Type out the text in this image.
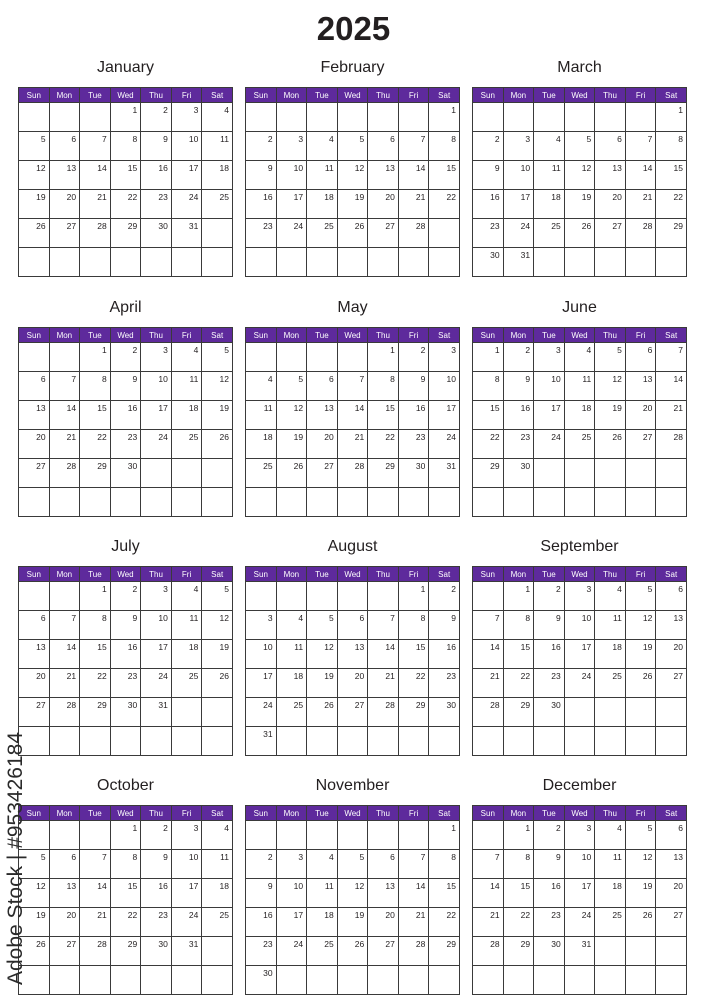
2025
January
Sun	Mon	Tue	Wed	Thu	Fri	Sat
			1	2	3	4
5	6	7	8	9	10	11
12	13	14	15	16	17	18
19	20	21	22	23	24	25
26	27	28	29	30	31	

February
Sun	Mon	Tue	Wed	Thu	Fri	Sat
						1
2	3	4	5	6	7	8
9	10	11	12	13	14	15
16	17	18	19	20	21	22
23	24	25	26	27	28	

March
Sun	Mon	Tue	Wed	Thu	Fri	Sat
						1
2	3	4	5	6	7	8
9	10	11	12	13	14	15
16	17	18	19	20	21	22
23	24	25	26	27	28	29
30	31					
April
Sun	Mon	Tue	Wed	Thu	Fri	Sat
		1	2	3	4	5
6	7	8	9	10	11	12
13	14	15	16	17	18	19
20	21	22	23	24	25	26
27	28	29	30			

May
Sun	Mon	Tue	Wed	Thu	Fri	Sat
				1	2	3
4	5	6	7	8	9	10
11	12	13	14	15	16	17
18	19	20	21	22	23	24
25	26	27	28	29	30	31

June
Sun	Mon	Tue	Wed	Thu	Fri	Sat
1	2	3	4	5	6	7
8	9	10	11	12	13	14
15	16	17	18	19	20	21
22	23	24	25	26	27	28
29	30					

July
Sun	Mon	Tue	Wed	Thu	Fri	Sat
		1	2	3	4	5
6	7	8	9	10	11	12
13	14	15	16	17	18	19
20	21	22	23	24	25	26
27	28	29	30	31		

August
Sun	Mon	Tue	Wed	Thu	Fri	Sat
					1	2
3	4	5	6	7	8	9
10	11	12	13	14	15	16
17	18	19	20	21	22	23
24	25	26	27	28	29	30
31						
September
Sun	Mon	Tue	Wed	Thu	Fri	Sat
	1	2	3	4	5	6
7	8	9	10	11	12	13
14	15	16	17	18	19	20
21	22	23	24	25	26	27
28	29	30				

October
Sun	Mon	Tue	Wed	Thu	Fri	Sat
			1	2	3	4
5	6	7	8	9	10	11
12	13	14	15	16	17	18
19	20	21	22	23	24	25
26	27	28	29	30	31	

November
Sun	Mon	Tue	Wed	Thu	Fri	Sat
						1
2	3	4	5	6	7	8
9	10	11	12	13	14	15
16	17	18	19	20	21	22
23	24	25	26	27	28	29
30						
December
Sun	Mon	Tue	Wed	Thu	Fri	Sat
	1	2	3	4	5	6
7	8	9	10	11	12	13
14	15	16	17	18	19	20
21	22	23	24	25	26	27
28	29	30	31			

Adobe Stock | #953426184
